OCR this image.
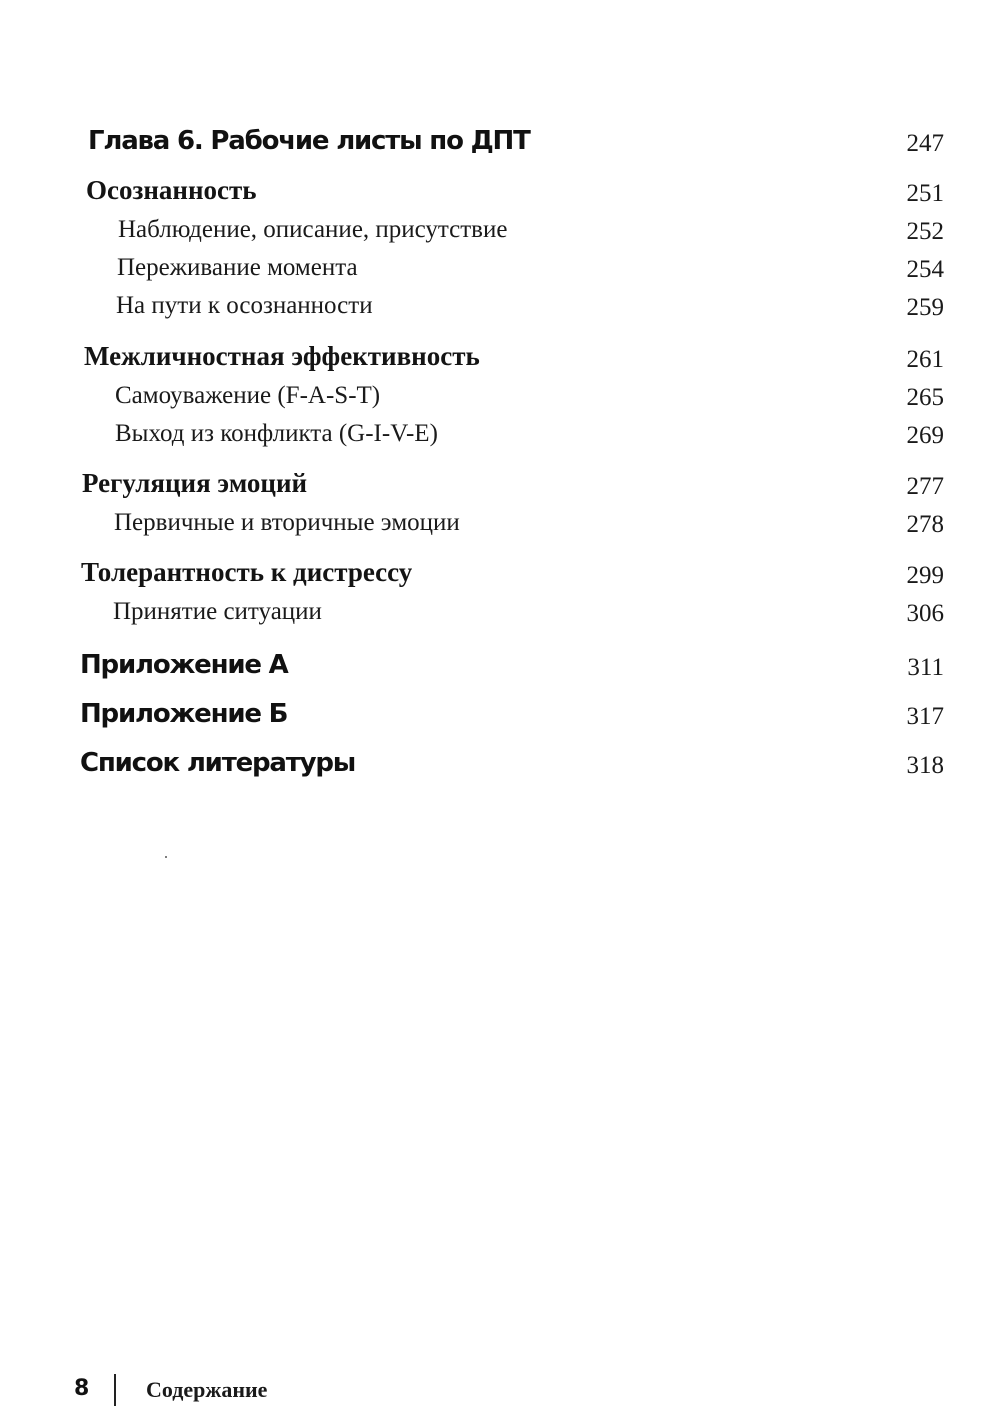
Глава 6. Рабочие листы по ДПТ	247
Осознанность	251
Наблюдение, описание, присутствие	252
Переживание момента	254
На пути к осознанности	259
Межличностная эффективность	261
Самоуважение (F-A-S-T)	265
Выход из конфликта (G-I-V-E)	269
Регуляция эмоций	277
Первичные и вторичные эмоции	278
Толерантность к дистрессу	299
Принятие ситуации	306
Приложение А	311
Приложение Б	317
Список литературы	318
8	Содержание
